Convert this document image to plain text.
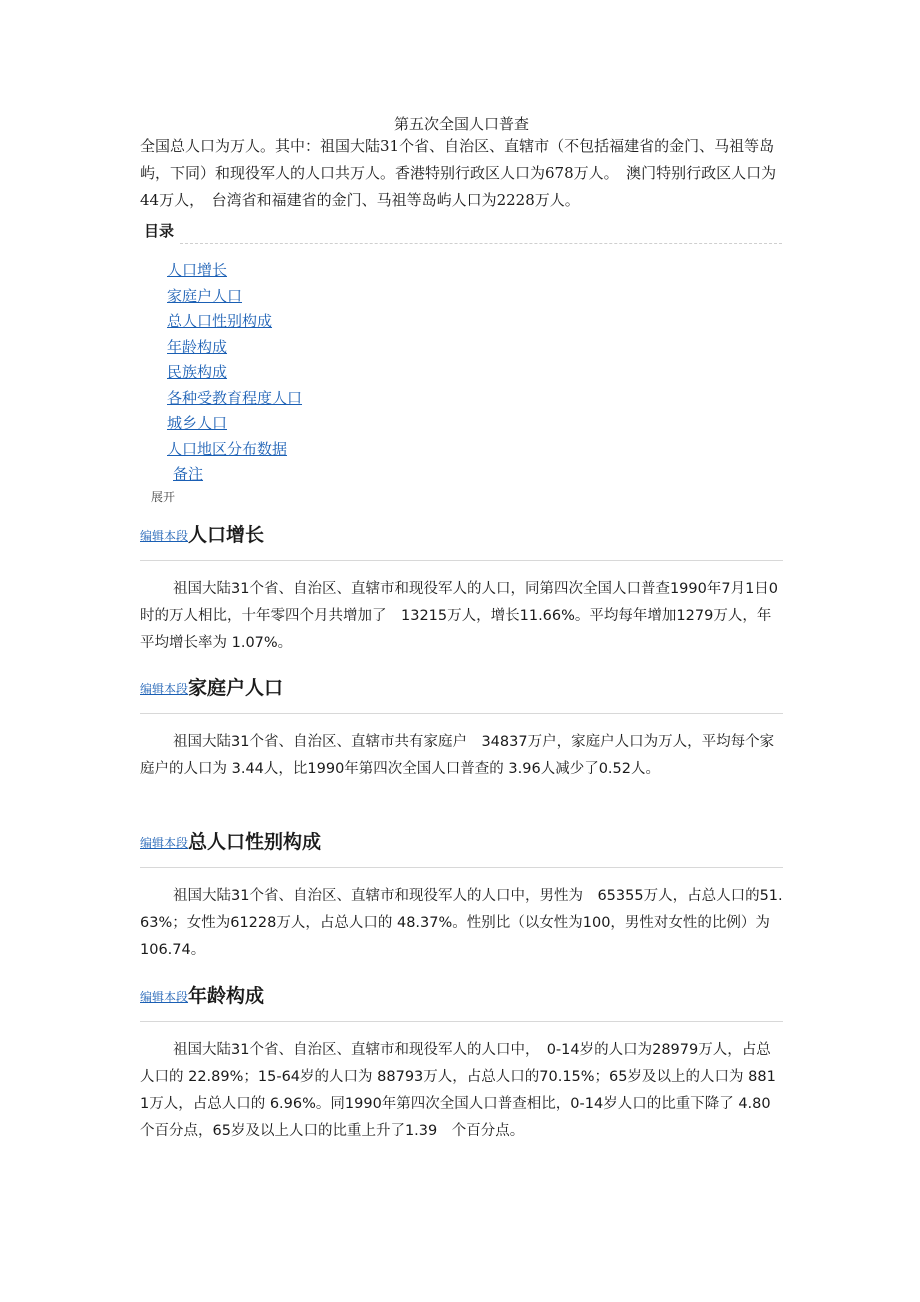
第五次全国人口普查
全国总人口为万人。其中：祖国大陆31个省、自治区、直辖市（不包括福建省的金门、马祖等岛屿，下同）和现役军人的人口共万人。香港特别行政区人口为678万人。　澳门特别行政区人口为44万人，　台湾省和福建省的金门、马祖等岛屿人口为2228万人。
目录
人口增长
家庭户人口
总人口性别构成
年龄构成
民族构成
各种受教育程度人口
城乡人口
人口地区分布数据
备注
展开
编辑本段人口增长
祖国大陆31个省、自治区、直辖市和现役军人的人口，同第四次全国人口普查1990年7月1日0时的万人相比，十年零四个月共增加了　13215万人，增长11.66%。平均每年增加1279万人，年平均增长率为 1.07%。
编辑本段家庭户人口
祖国大陆31个省、自治区、直辖市共有家庭户　34837万户，家庭户人口为万人，平均每个家庭户的人口为 3.44人，比1990年第四次全国人口普查的 3.96人减少了0.52人。
编辑本段总人口性别构成
祖国大陆31个省、自治区、直辖市和现役军人的人口中，男性为　65355万人，占总人口的51.63%；女性为61228万人，占总人口的 48.37%。性别比（以女性为100，男性对女性的比例）为 106.74。
编辑本段年龄构成
祖国大陆31个省、自治区、直辖市和现役军人的人口中，　0-14岁的人口为28979万人，占总人口的 22.89%；15-64岁的人口为 88793万人，占总人口的70.15%；65岁及以上的人口为 8811万人，占总人口的 6.96%。同1990年第四次全国人口普查相比，0-14岁人口的比重下降了 4.80个百分点，65岁及以上人口的比重上升了1.39　个百分点。
